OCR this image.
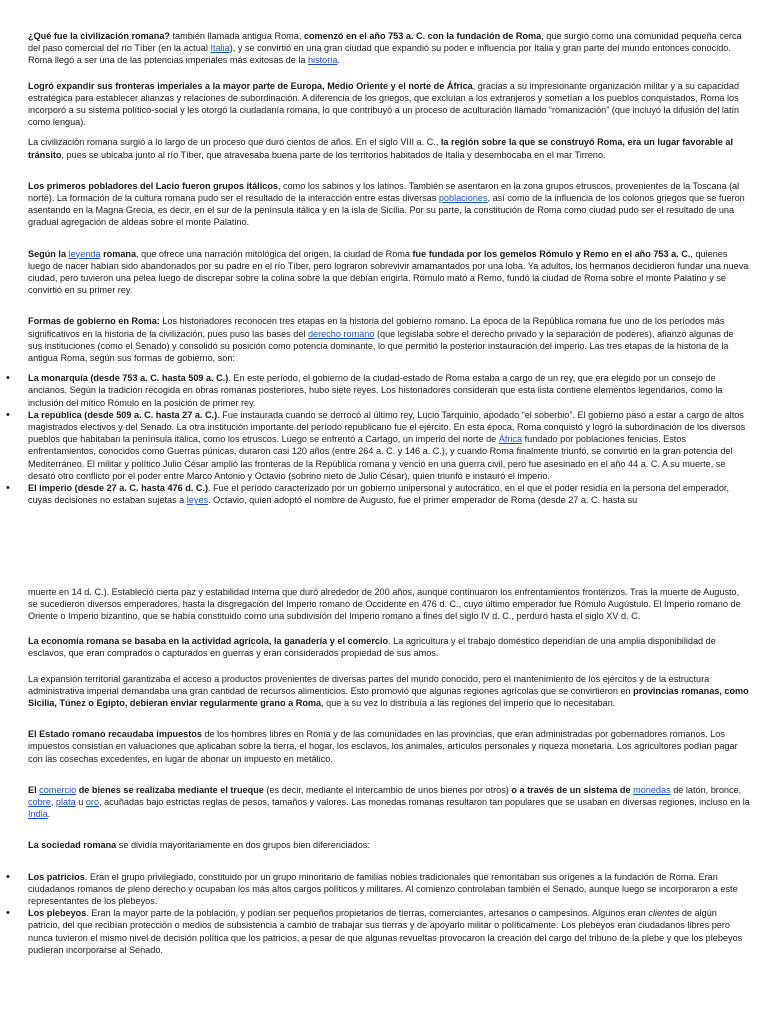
¿Qué fue la civilización romana? también llamada antigua Roma, comenzó en el año 753 a. C. con la fundación de Roma, que surgió como una comunidad pequeña cerca del paso comercial del río Tíber (en la actual Italia), y se convirtió en una gran ciudad que expandió su poder e influencia por Italia y gran parte del mundo entonces conocido. Roma llegó a ser una de las potencias imperiales más exitosas de la historia.

Logró expandir sus fronteras imperiales a la mayor parte de Europa, Medio Oriente y el norte de África, gracias a su impresionante organización militar y a su capacidad estratégica para establecer alianzas y relaciones de subordinación. A diferencia de los griegos, que excluían a los extranjeros y sometían a los pueblos conquistados, Roma los incorporó a su sistema político-social y les otorgó la ciudadanía romana, lo que contribuyó a un proceso de aculturación llamado “romanización” (que incluyó la difusión del latín como lengua).

La civilización romana surgió a lo largo de un proceso que duró cientos de años. En el siglo VIII a. C., la región sobre la que se construyó Roma, era un lugar favorable al tránsito, pues se ubicaba junto al río Tíber, que atravesaba buena parte de los territorios habitados de Italia y desembocaba en el mar Tirreno.

Los primeros pobladores del Lacio fueron grupos itálicos, como los sabinos y los latinos. También se asentaron en la zona grupos etruscos, provenientes de la Toscana (al norte). La formación de la cultura romana pudo ser el resultado de la interacción entre estas diversas poblaciones, así como de la influencia de los colonos griegos que se fueron asentando en la Magna Grecia, es decir, en el sur de la península itálica y en la isla de Sicilia. Por su parte, la constitución de Roma como ciudad pudo ser el resultado de una gradual agregación de aldeas sobre el monte Palatino.

Según la leyenda romana, que ofrece una narración mitológica del origen, la ciudad de Roma fue fundada por los gemelos Rómulo y Remo en el año 753 a. C., quienes luego de nacer habían sido abandonados por su padre en el río Tíber, pero lograron sobrevivir amamantados por una loba. Ya adultos, los hermanos decidieron fundar una nueva ciudad, pero tuvieron una pelea luego de discrepar sobre la colina sobre la que debían erigirla. Rómulo mató a Remo, fundó la ciudad de Roma sobre el monte Palatino y se convirtió en su primer rey.

Formas de gobierno en Roma: Los historiadores reconocen tres etapas en la historia del gobierno romano. La época de la República romana fue uno de los períodos más significativos en la historia de la civilización, pues puso las bases del derecho romano (que legislaba sobre el derecho privado y la separación de poderes), afianzó algunas de sus instituciones (como el Senado) y consolidó su posición como potencia dominante, lo que permitió la posterior instauración del imperio. Las tres etapas de la historia de la antigua Roma, según sus formas de gobierno, son:

• La monarquía (desde 753 a. C. hasta 509 a. C.). En este período, el gobierno de la ciudad-estado de Roma estaba a cargo de un rey, que era elegido por un consejo de ancianos. Según la tradición recogida en obras romanas posteriores, hubo siete reyes. Los historiadores consideran que esta lista contiene elementos legendarios, como la inclusión del mítico Rómulo en la posición de primer rey.
• La república (desde 509 a. C. hasta 27 a. C.). Fue instaurada cuando se derrocó al último rey, Lucio Tarquinio, apodado “el soberbio”. El gobierno pasó a estar a cargo de altos magistrados electivos y del Senado. La otra institución importante del período republicano fue el ejército. En esta época, Roma conquistó y logró la subordinación de los diversos pueblos que habitaban la península itálica, como los etruscos. Luego se enfrentó a Cartago, un imperio del norte de África fundado por poblaciones fenicias. Estos enfrentamientos, conocidos como Guerras púnicas, duraron casi 120 años (entre 264 a. C. y 146 a. C.), y cuando Roma finalmente triunfó, se convirtió en la gran potencia del Mediterráneo. El militar y político Julio César amplió las fronteras de la República romana y venció en una guerra civil, pero fue asesinado en el año 44 a. C. A su muerte, se desató otro conflicto por el poder entre Marco Antonio y Octavio (sobrino nieto de Julio César), quien triunfó e instauró el imperio.
• El imperio (desde 27 a. C. hasta 476 d. C.). Fue el período caracterizado por un gobierno unipersonal y autocrático, en el que el poder residía en la persona del emperador, cuyas decisiones no estaban sujetas a leyes. Octavio, quien adoptó el nombre de Augusto, fue el primer emperador de Roma (desde 27 a. C. hasta su

muerte en 14 d. C.). Estableció cierta paz y estabilidad interna que duró alrededor de 200 años, aunque continuaron los enfrentamientos fronterizos. Tras la muerte de Augusto, se sucedieron diversos emperadores, hasta la disgregación del Imperio romano de Occidente en 476 d. C., cuyo último emperador fue Rómulo Augústulo. El Imperio romano de Oriente o Imperio bizantino, que se había constituido como una subdivisión del Imperio romano a fines del siglo IV d. C., perduró hasta el siglo XV d. C.

La economía romana se basaba en la actividad agrícola, la ganadería y el comercio. La agricultura y el trabajo doméstico dependían de una amplia disponibilidad de esclavos, que eran comprados o capturados en guerras y eran considerados propiedad de sus amos.

La expansión territorial garantizaba el acceso a productos provenientes de diversas partes del mundo conocido, pero el mantenimiento de los ejércitos y de la estructura administrativa imperial demandaba una gran cantidad de recursos alimenticios. Esto promovió que algunas regiones agrícolas que se convirtieron en provincias romanas, como Sicilia, Túnez o Egipto, debieran enviar regularmente grano a Roma, que a su vez lo distribuía a las regiones del imperio que lo necesitaban.

El Estado romano recaudaba impuestos de los hombres libres en Roma y de las comunidades en las provincias, que eran administradas por gobernadores romanos. Los impuestos consistían en valuaciones que aplicaban sobre la tierra, el hogar, los esclavos, los animales, artículos personales y riqueza monetaria. Los agricultores podían pagar con las cosechas excedentes, en lugar de abonar un impuesto en metálico.

El comercio de bienes se realizaba mediante el trueque (es decir, mediante el intercambio de unos bienes por otros) o a través de un sistema de monedas de latón, bronce, cobre, plata u oro, acuñadas bajo estrictas reglas de pesos, tamaños y valores. Las monedas romanas resultaron tan populares que se usaban en diversas regiones, incluso en la India.

La sociedad romana se dividía mayoritariamente en dos grupos bien diferenciados:

• Los patricios. Eran el grupo privilegiado, constituido por un grupo minoritario de familias nobles tradicionales que remontaban sus orígenes a la fundación de Roma. Eran ciudadanos romanos de pleno derecho y ocupaban los más altos cargos políticos y militares. Al comienzo controlaban también el Senado, aunque luego se incorporaron a este representantes de los plebeyos.
• Los plebeyos. Eran la mayor parte de la población, y podían ser pequeños propietarios de tierras, comerciantes, artesanos o campesinos. Algunos eran clientes de algún patricio, del que recibían protección o medios de subsistencia a cambio de trabajar sus tierras y de apoyarlo militar o políticamente. Los plebeyos eran ciudadanos libres pero nunca tuvieron el mismo nivel de decisión política que los patricios, a pesar de que algunas revueltas provocaron la creación del cargo del tribuno de la plebe y que los plebeyos pudieran incorporarse al Senado.
